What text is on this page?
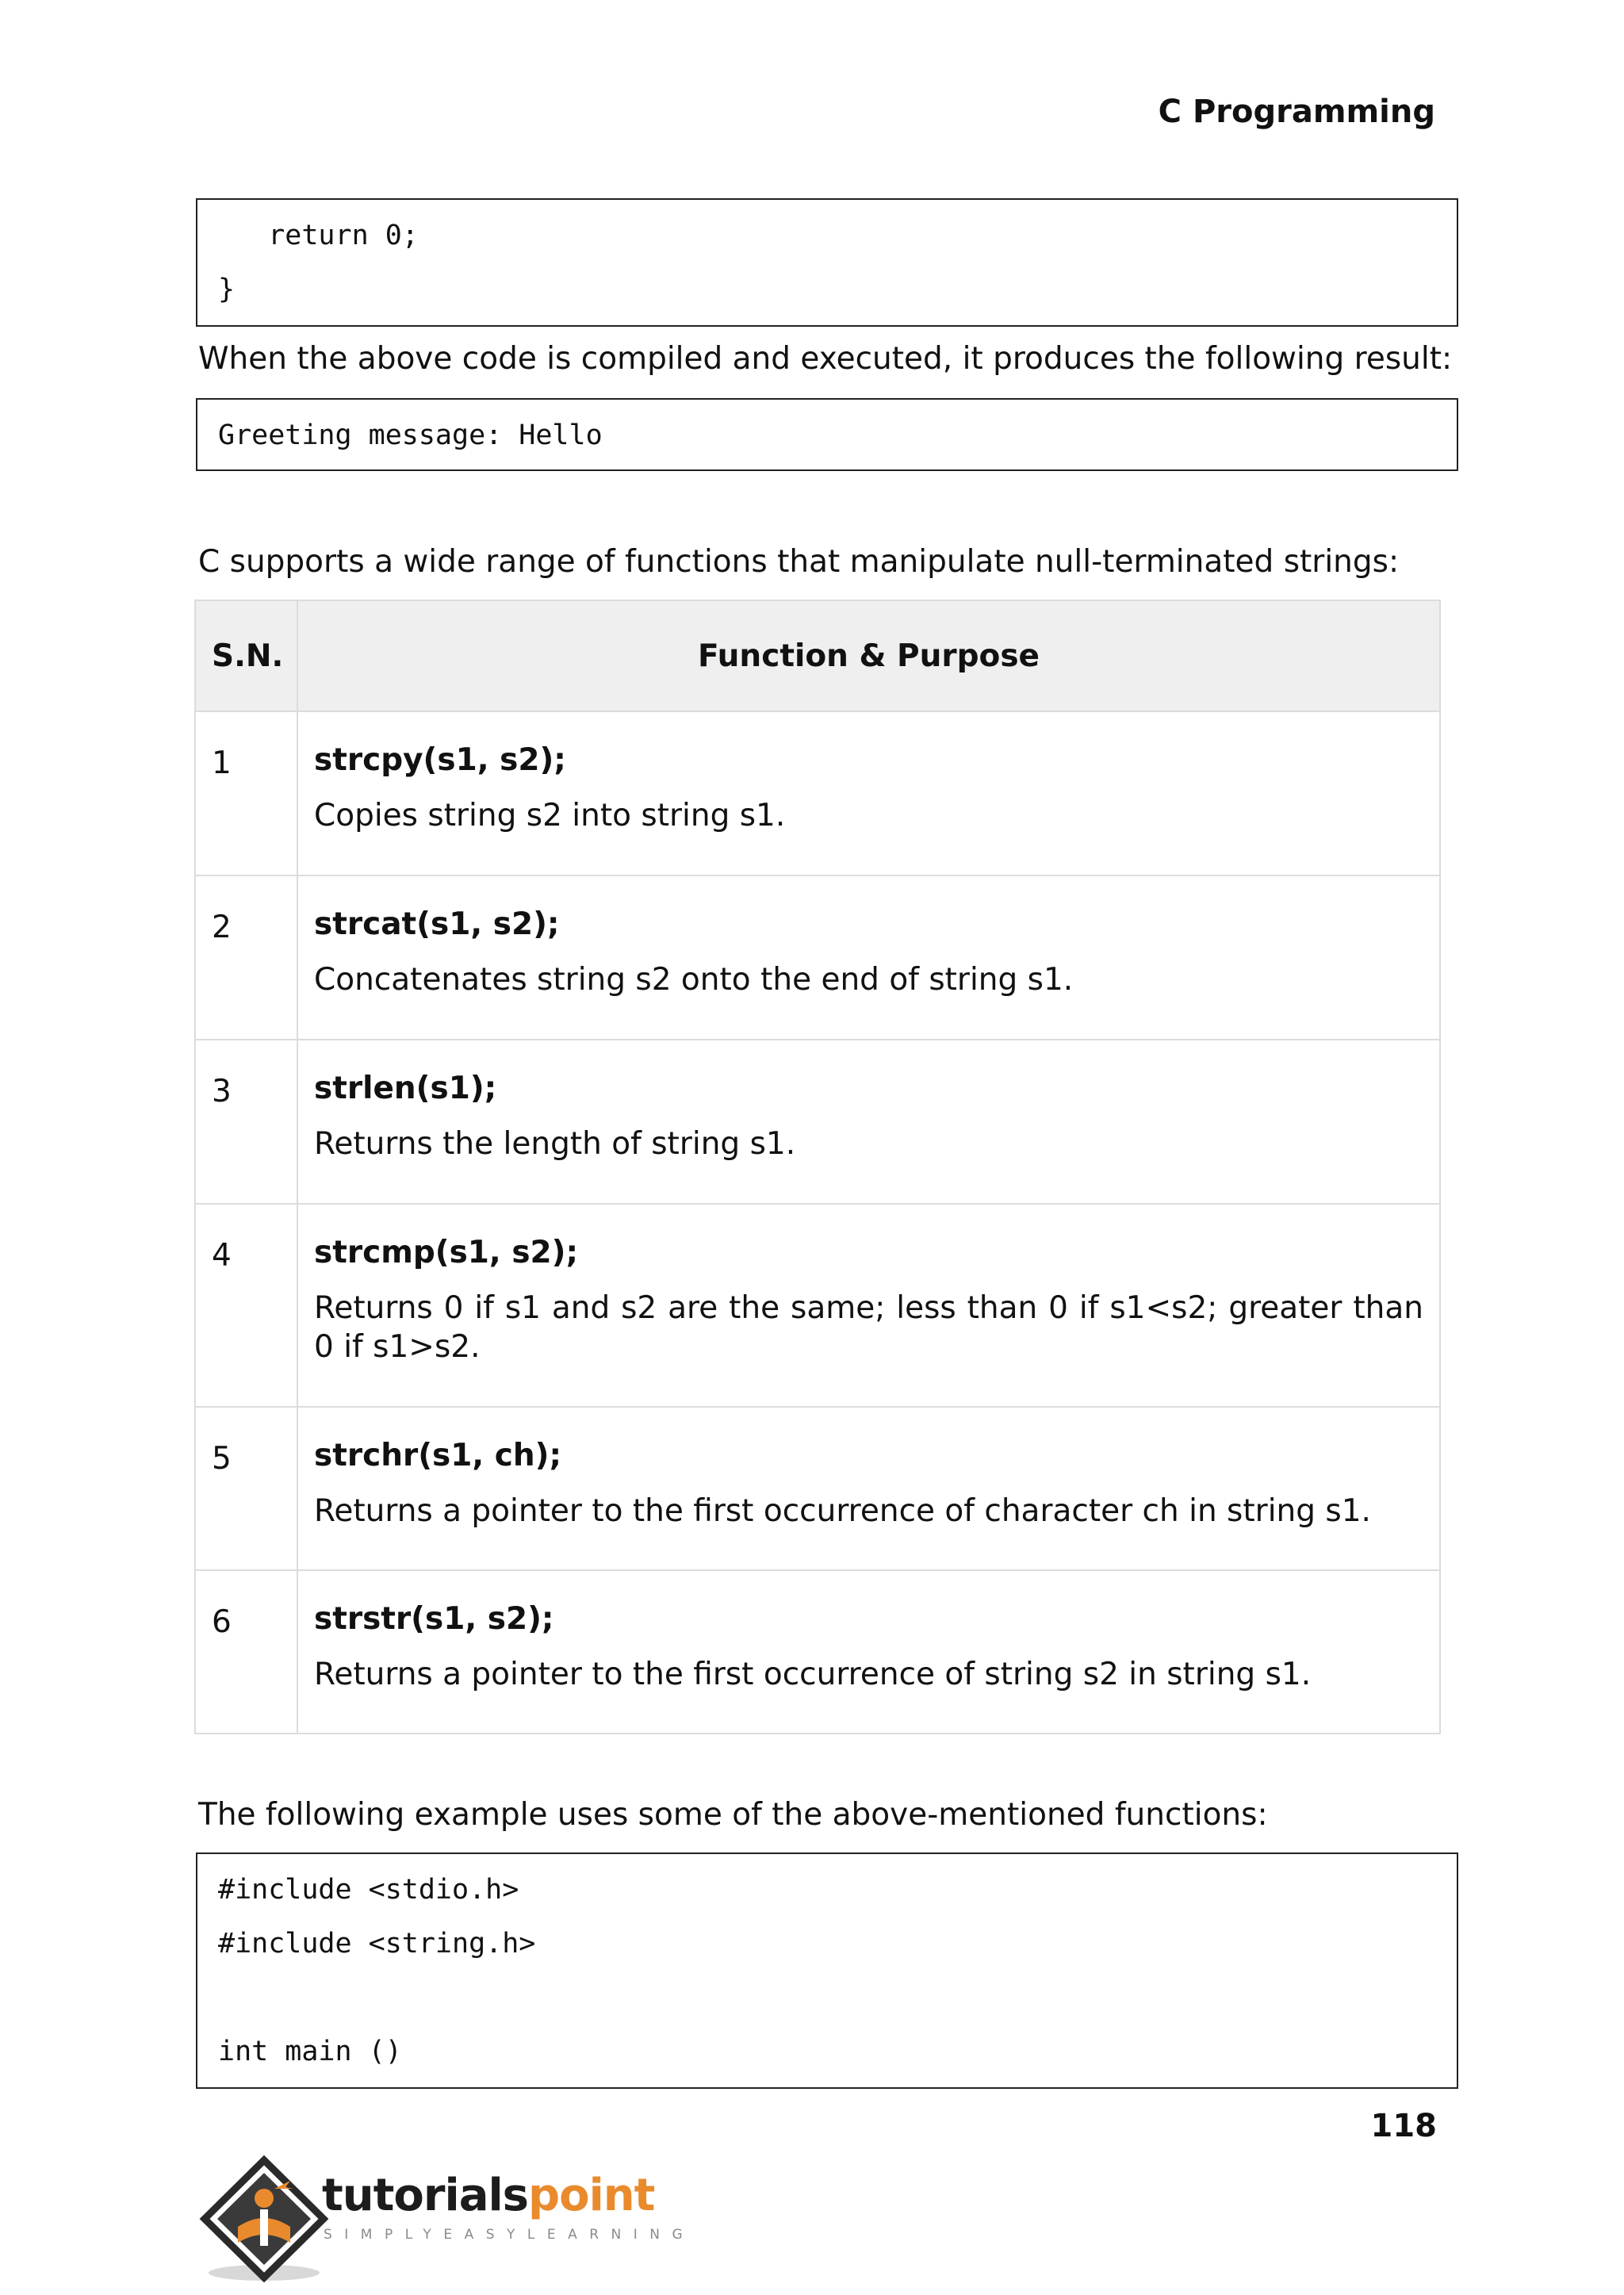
C Programming
return 0;
}
When the above code is compiled and executed, it produces the following result:
Greeting message: Hello
C supports a wide range of functions that manipulate null-terminated strings:
S.N.	Function & Purpose
1	strcpy(s1, s2);
Copies string s2 into string s1.

2	strcat(s1, s2);
Concatenates string s2 onto the end of string s1.

3	strlen(s1);
Returns the length of string s1.

4	strcmp(s1, s2);
Returns 0 if s1 and s2 are the same; less than 0 if s1<s2; greater than 0 if s1>s2.

5	strchr(s1, ch);
Returns a pointer to the first occurrence of character ch in string s1.

6	strstr(s1, s2);
Returns a pointer to the first occurrence of string s2 in string s1.
The following example uses some of the above-mentioned functions:
#include <stdio.h>
#include <string.h>
int main ()
118
tutorialspoint
SIMPLYEASYLEARNING
